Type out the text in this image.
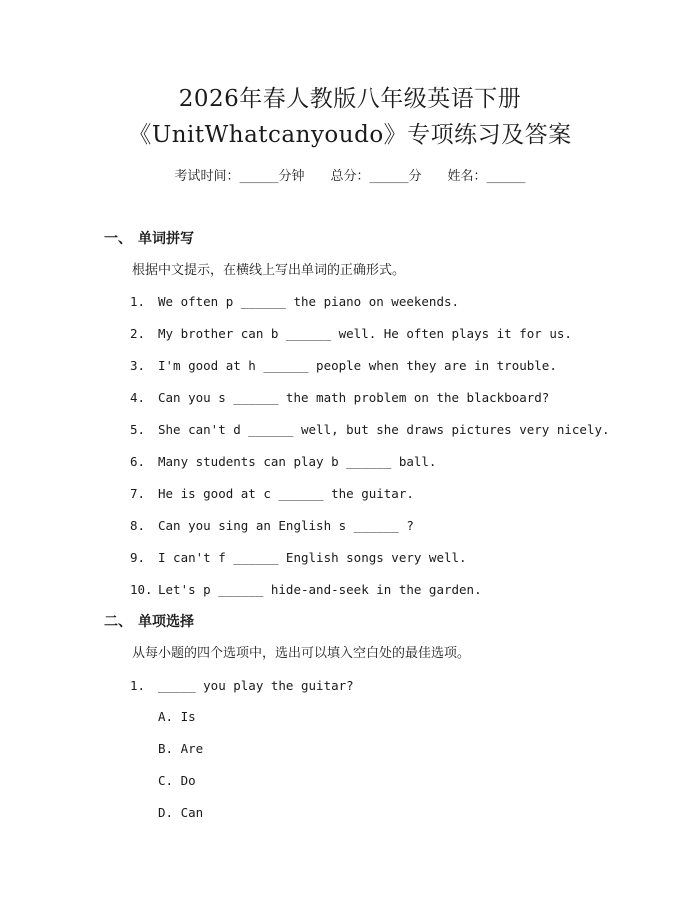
2026年春人教版八年级英语下册
《UnitWhatcanyoudo》专项练习及答案
考试时间：______分钟 总分：______分 姓名：______
一、 单词拼写
根据中文提示，在横线上写出单词的正确形式。
1. We often p ______ the piano on weekends.
2. My brother can b ______ well. He often plays it for us.
3. I'm good at h ______ people when they are in trouble.
4. Can you s ______ the math problem on the blackboard?
5. She can't d ______ well, but she draws pictures very nicely.
6. Many students can play b ______ ball.
7. He is good at c ______ the guitar.
8. Can you sing an English s ______ ?
9. I can't f ______ English songs very well.
10. Let's p ______ hide-and-seek in the garden.
二、 单项选择
从每小题的四个选项中，选出可以填入空白处的最佳选项。
1. _____ you play the guitar?
A. Is
B. Are
C. Do
D. Can
